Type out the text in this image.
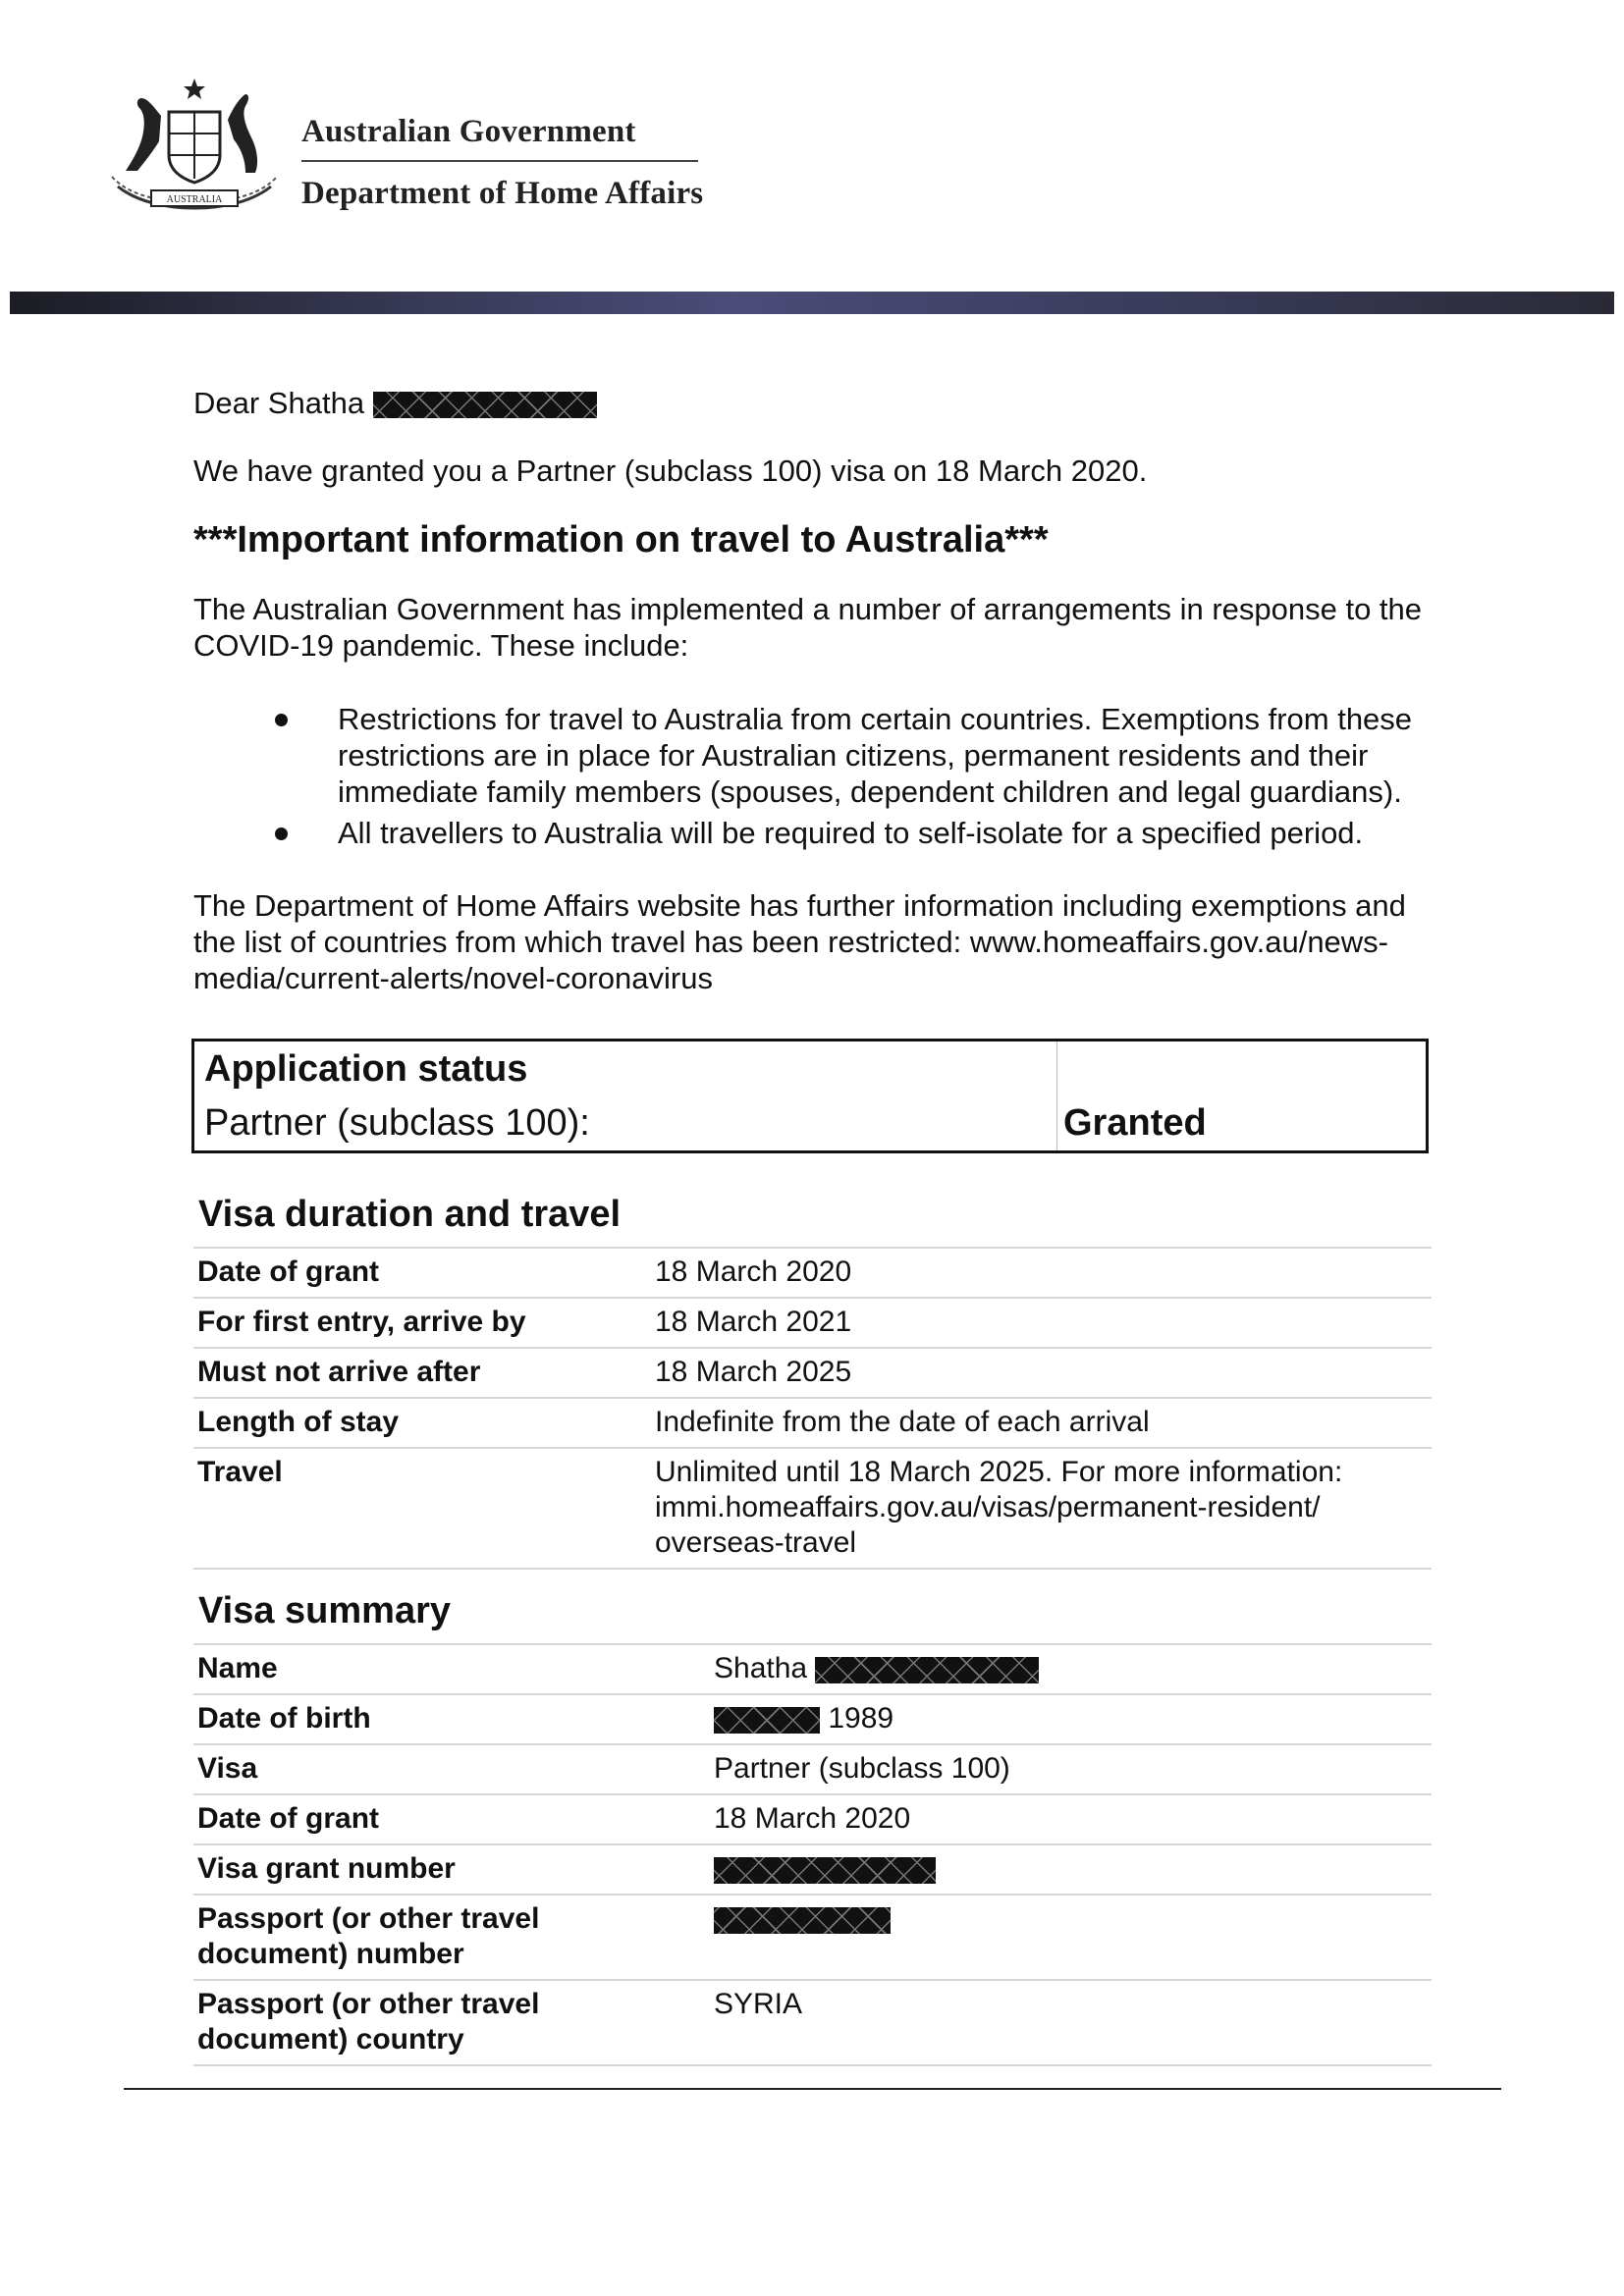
AUSTRALIA
Australian Government
Department of Home Affairs

Dear Shatha

We have granted you a Partner (subclass 100) visa on 18 March 2020.

***Important information on travel to Australia***

The Australian Government has implemented a number of arrangements in response to the COVID-19 pandemic. These include:

Restrictions for travel to Australia from certain countries. Exemptions from these restrictions are in place for Australian citizens, permanent residents and their immediate family members (spouses, dependent children and legal guardians).
All travellers to Australia will be required to self-isolate for a specified period.

The Department of Home Affairs website has further information including exemptions and the list of countries from which travel has been restricted: www.homeaffairs.gov.au/news-media/current-alerts/novel-coronavirus

Application status
Partner (subclass 100):	Granted
Visa duration and travel
Date of grant	18 March 2020
For first entry, arrive by	18 March 2021
Must not arrive after	18 March 2025
Length of stay	Indefinite from the date of each arrival
Travel	Unlimited until 18 March 2025. For more information: immi.homeaffairs.gov.au/visas/permanent-resident/ overseas-travel
Visa summary
Name	Shatha
Date of birth	1989
Visa	Partner (subclass 100)
Date of grant	18 March 2020
Visa grant number	
Passport (or other travel document) number	
Passport (or other travel document) country	SYRIA
